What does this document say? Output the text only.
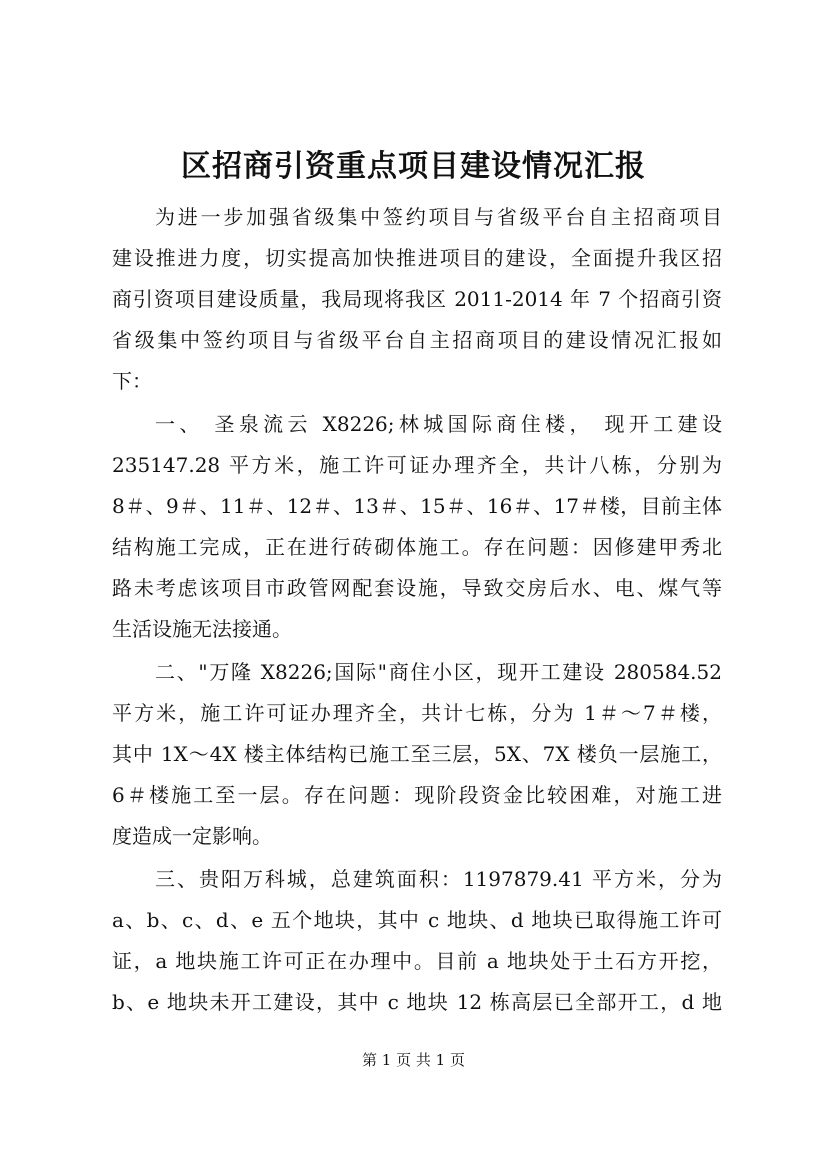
区招商引资重点项目建设情况汇报
为进一步加强省级集中签约项目与省级平台自主招商项目
建设推进力度，切实提高加快推进项目的建设，全面提升我区招
商引资项目建设质量，我局现将我区 2011-2014 年 7 个招商引资
省级集中签约项目与省级平台自主招商项目的建设情况汇报如
下：
一、 圣泉流云 X8226;林城国际商住楼， 现开工建设
235147.28 平方米，施工许可证办理齐全，共计八栋，分别为
8＃、9＃、11＃、12＃、13＃、15＃、16＃、17＃楼，目前主体
结构施工完成，正在进行砖砌体施工。存在问题：因修建甲秀北
路未考虑该项目市政管网配套设施，导致交房后水、电、煤气等
生活设施无法接通。
二、"万隆 X8226;国际"商住小区，现开工建设 280584.52
平方米，施工许可证办理齐全，共计七栋，分为 1＃～7＃楼，
其中 1X～4X 楼主体结构已施工至三层，5X、7X 楼负一层施工，
6＃楼施工至一层。存在问题：现阶段资金比较困难，对施工进
度造成一定影响。
三、贵阳万科城，总建筑面积：1197879.41 平方米，分为
a、b、c、d、e 五个地块，其中 c 地块、d 地块已取得施工许可
证，a 地块施工许可正在办理中。目前 a 地块处于土石方开挖，
b、e 地块未开工建设，其中 c 地块 12 栋高层已全部开工，d 地
第 1 页 共 1 页
